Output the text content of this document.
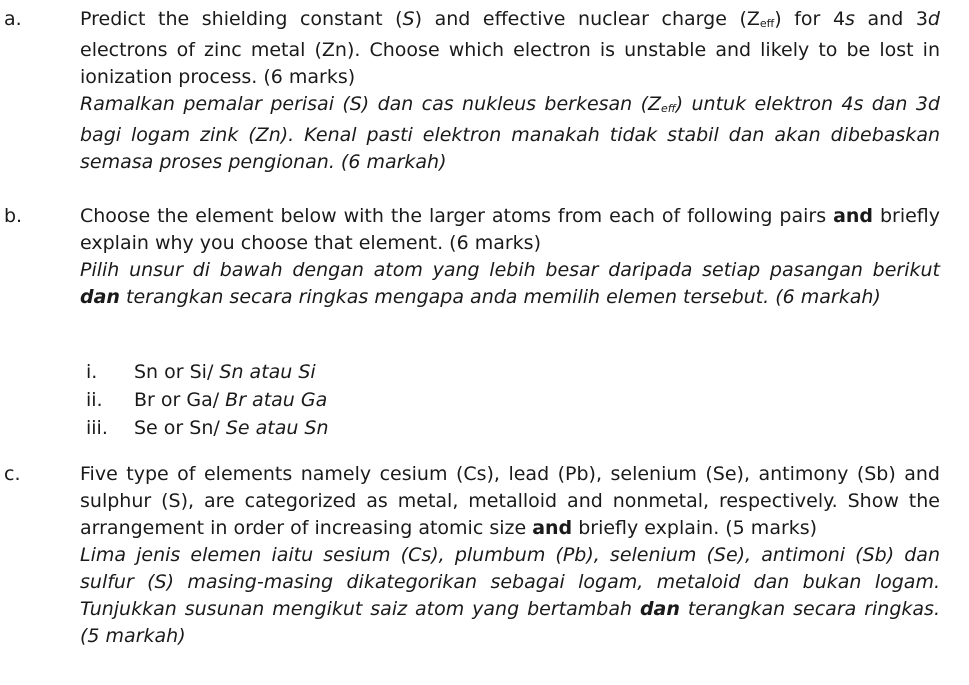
a.	Predict the shielding constant (S) and effective nuclear charge $(Z_{eff})$ for 4s and 3d electrons of zinc metal (Zn). Choose which electron is unstable and likely to be lost in ionization process. (6 marks)

Ramalkan pemalar perisai (S) dan cas nukleus berkesan $(Z_{eff})$ untuk elektron 4s dan 3d bagi logam zink (Zn). Kenal pasti elektron manakah tidak stabil dan akan dibebaskan semasa proses pengionan. (6 markah)

b.	Choose the element below with the larger atoms from each of following pairs and briefly explain why you choose that element. (6 marks)

Pilih unsur di bawah dengan atom yang lebih besar daripada setiap pasangan berikut dan terangkan secara ringkas mengapa anda memilih elemen tersebut. (6 markah)

i. Sn or Si/ Sn atau Si
ii. Br or Ga/ Br atau Ga
iii. Se or Sn/ Se atau Sn
c.	Five type of elements namely cesium (Cs), lead (Pb), selenium (Se), antimony (Sb) and sulphur (S), are categorized as metal, metalloid and nonmetal, respectively. Show the arrangement in order of increasing atomic size and briefly explain. (5 marks)

Lima jenis elemen iaitu sesium (Cs), plumbum (Pb), selenium (Se), antimoni (Sb) dan sulfur (S) masing-masing dikategorikan sebagai logam, metaloid dan bukan logam. Tunjukkan susunan mengikut saiz atom yang bertambah dan terangkan secara ringkas. (5 markah)
